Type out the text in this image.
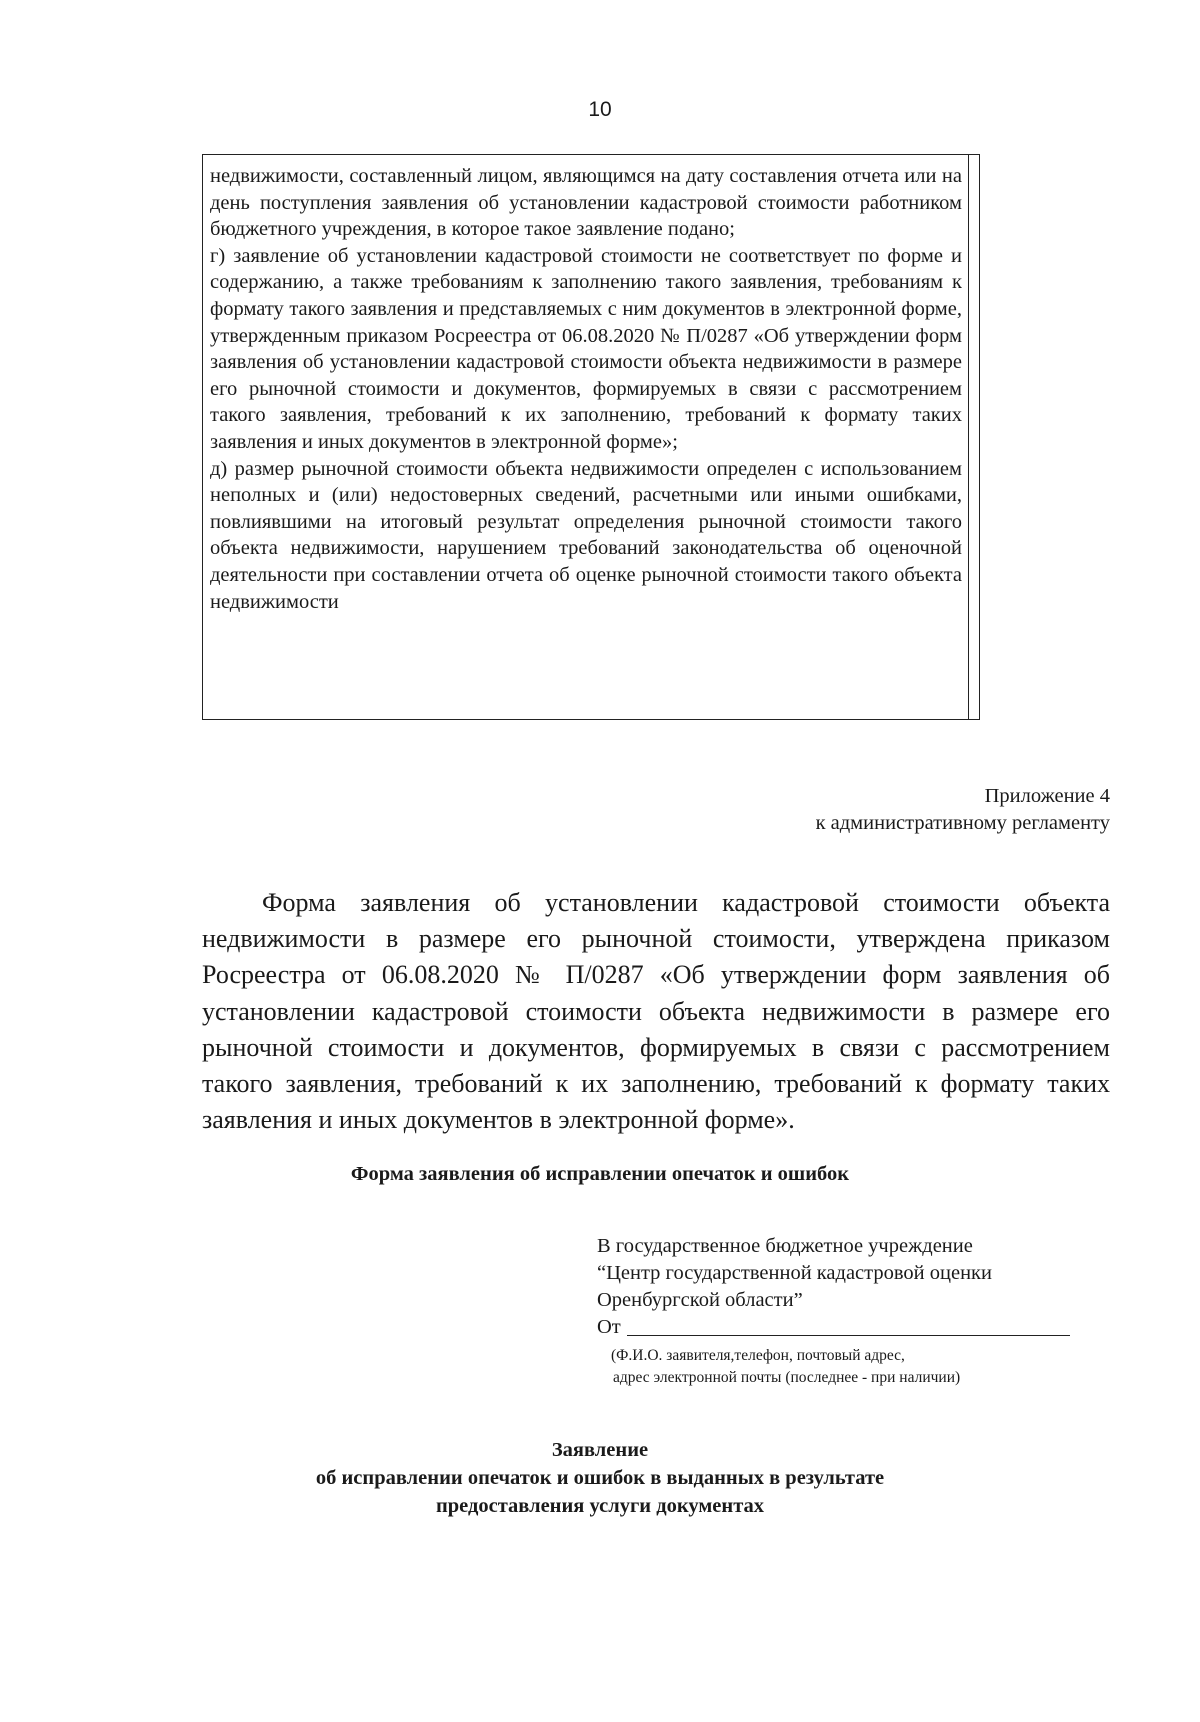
10

недвижимости, составленный лицом, являющимся на дату составления отчета или на день поступления заявления об установлении кадастровой стоимости работником бюджетного учреждения, в которое такое заявление подано;

г) заявление об установлении кадастровой стоимости не соответствует по форме и содержанию, а также требованиям к заполнению такого заявления, требованиям к формату такого заявления и представляемых с ним документов в электронной форме, утвержденным приказом Росреестра от 06.08.2020 № П/0287 «Об утверждении форм заявления об установлении кадастровой стоимости объекта недвижимости в размере его рыночной стоимости и документов, формируемых в связи с рассмотрением такого заявления, требований к их заполнению, требований к формату таких заявления и иных документов в электронной форме»;

д) размер рыночной стоимости объекта недвижимости определен с использованием неполных и (или) недостоверных сведений, расчетными или иными ошибками, повлиявшими на итоговый результат определения рыночной стоимости такого объекта недвижимости, нарушением требований законодательства об оценочной деятельности при составлении отчета об оценке рыночной стоимости такого объекта недвижимости

Приложение 4
к административному регламенту

Форма заявления об установлении кадастровой стоимости объекта недвижимости в размере его рыночной стоимости, утверждена приказом Росреестра от 06.08.2020 № П/0287 «Об утверждении форм заявления об установлении кадастровой стоимости объекта недвижимости в размере его рыночной стоимости и документов, формируемых в связи с рассмотрением такого заявления, требований к их заполнению, требований к формату таких заявления и иных документов в электронной форме».

Форма заявления об исправлении опечаток и ошибок
В государственное бюджетное учреждение
“Центр государственной кадастровой оценки
Оренбургской области”
От
(Ф.И.О. заявителя,телефон, почтовый адрес,
адрес электронной почты (последнее - при наличии)
Заявление
об исправлении опечаток и ошибок в выданных в результате
предоставления услуги документах
